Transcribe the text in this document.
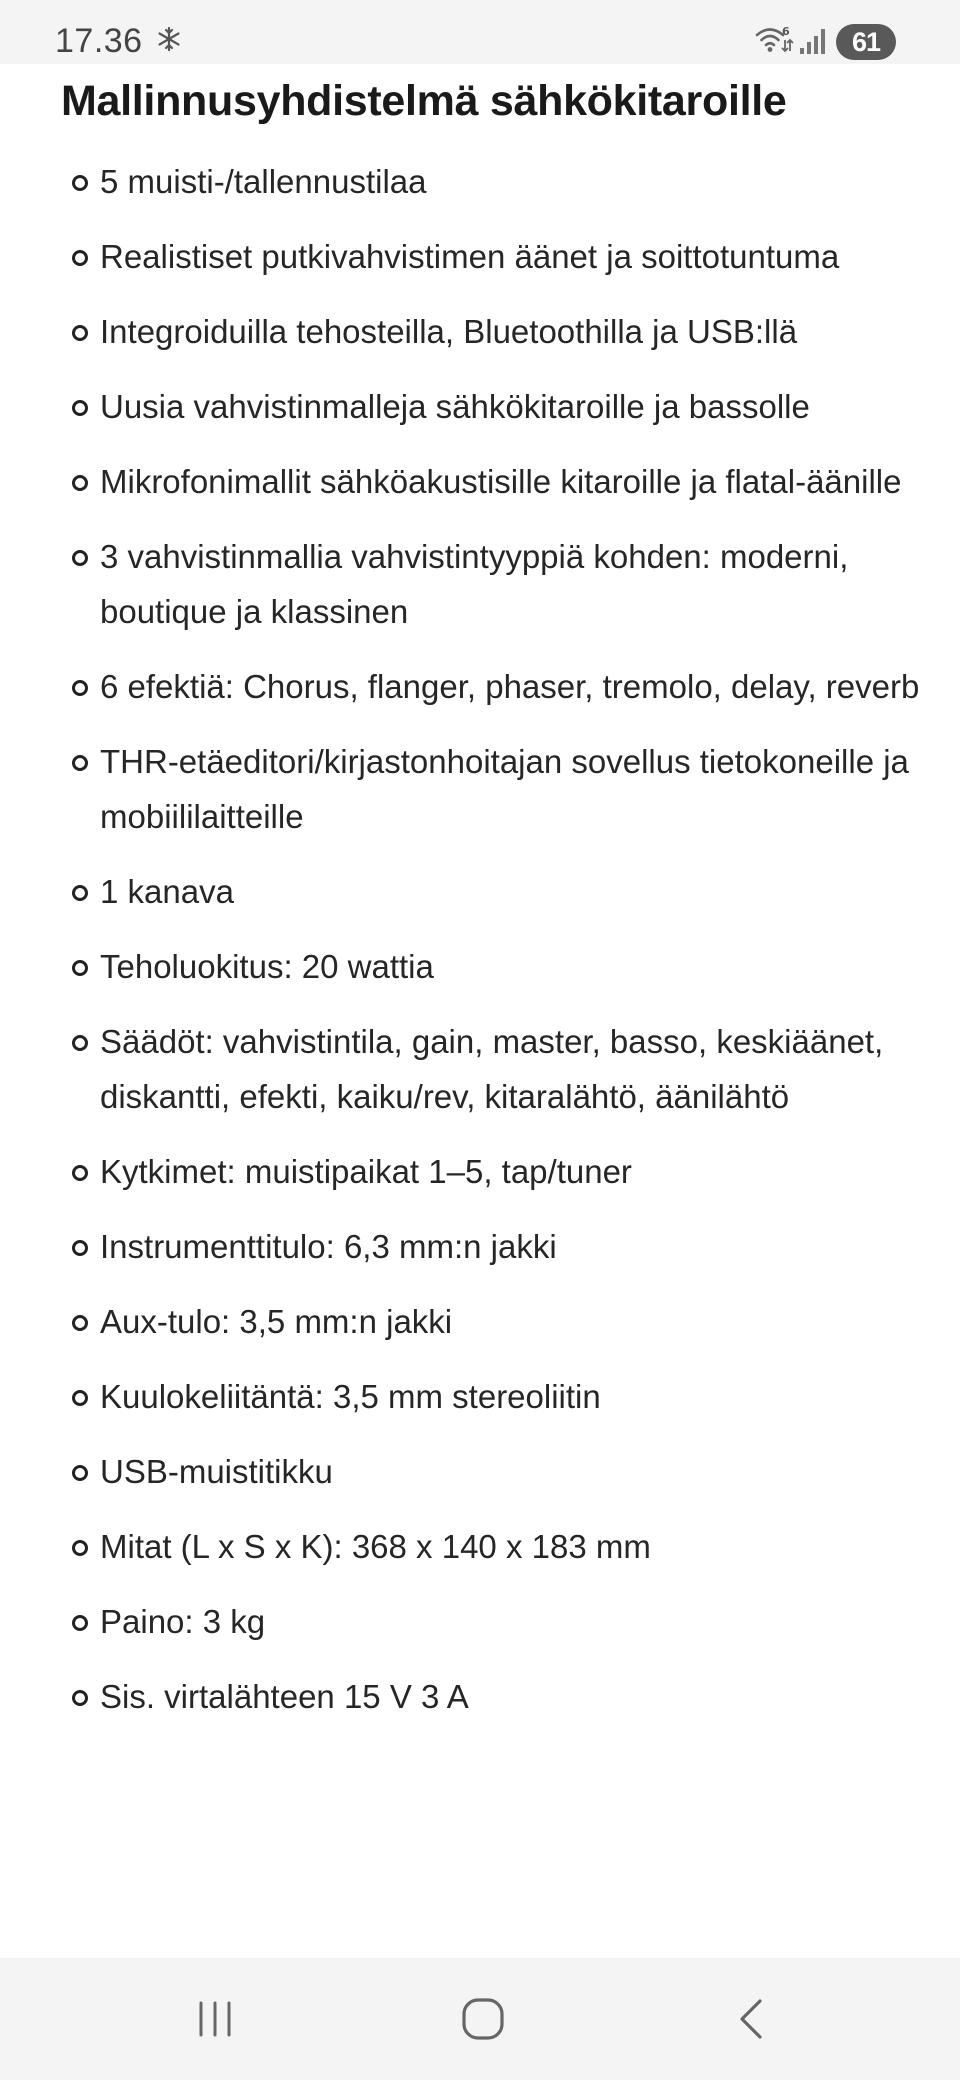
17.36	6	61
Mallinnusyhdistelmä sähkökitaroille
5 muisti-/tallennustilaa
Realistiset putkivahvistimen äänet ja soittotuntuma
Integroiduilla tehosteilla, Bluetoothilla ja USB:llä
Uusia vahvistinmalleja sähkökitaroille ja bassolle
Mikrofonimallit sähköakustisille kitaroille ja flatal-äänille
3 vahvistinmallia vahvistintyyppiä kohden: moderni, boutique ja klassinen
6 efektiä: Chorus, flanger, phaser, tremolo, delay, reverb
THR-etäeditori/kirjastonhoitajan sovellus tietokoneille ja mobiililaitteille
1 kanava
Teholuokitus: 20 wattia
Säädöt: vahvistintila, gain, master, basso, keskiäänet, diskantti, efekti, kaiku/rev, kitaralähtö, äänilähtö
Kytkimet: muistipaikat 1–5, tap/tuner
Instrumenttitulo: 6,3 mm:n jakki
Aux-tulo: 3,5 mm:n jakki
Kuulokeliitäntä: 3,5 mm stereoliitin
USB-muistitikku
Mitat (L x S x K): 368 x 140 x 183 mm
Paino: 3 kg
Sis. virtalähteen 15 V 3 A
